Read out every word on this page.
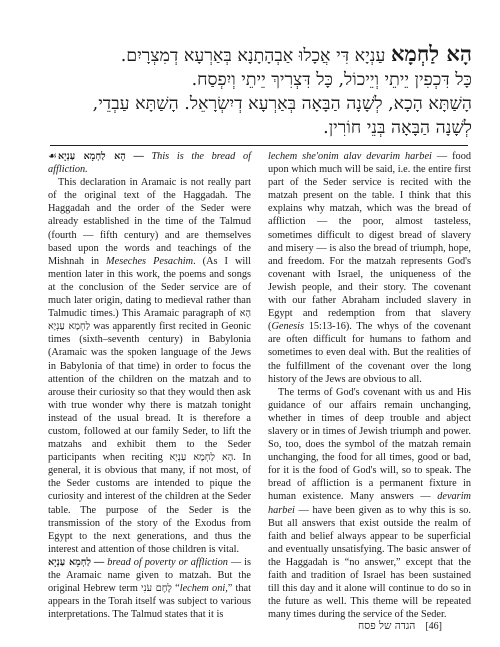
הָא לַחְמָא עַנְיָא דִּי אֲכָלוּ אַבְהָתָנָא בְּאַרְעָא דְמִצְרָיִם.
כָּל דִּכְפִין יֵיתֵי וְיֵיכוֹל, כָּל דִּצְרִיךְ יֵיתֵי וְיִפְסַח.
הָשַׁתָּא הָכָא, לְשָׁנָה הַבָּאָה בְּאַרְעָא דְיִשְׂרָאֵל. הָשַׁתָּא עַבְדֵי,
לְשָׁנָה הַבָּאָה בְּנֵי חוֹרִין.

☙הָא לַחְמָא עַנְיָא — This is the bread of affliction.

This declaration in Aramaic is not really part of the original text of the Haggadah. The Haggadah and the order of the Seder were already established in the time of the Talmud (fourth — fifth century) and are themselves based upon the words and teachings of the Mishnah in Meseches Pesachim. (As I will mention later in this work, the poems and songs at the conclusion of the Seder service are of much later origin, dating to medieval rather than Talmudic times.) This Aramaic paragraph of הָא לַחְמָא עַנְיָא was apparently first recited in Geonic times (sixth–seventh century) in Babylonia (Aramaic was the spoken language of the Jews in Babylonia of that time) in order to focus the attention of the children on the matzah and to arouse their curiosity so that they would then ask with true wonder why there is matzah tonight instead of the usual bread. It is therefore a custom, followed at our family Seder, to lift the matzahs and exhibit them to the Seder participants when reciting הָא לַחְמָא עַנְיָא. In general, it is obvious that many, if not most, of the Seder customs are intended to pique the curiosity and interest of the children at the Seder table. The purpose of the Seder is the transmission of the story of the Exodus from Egypt to the next generations, and thus the interest and attention of those children is vital.

לַחְמָא עַנְיָא — bread of poverty or affliction — is the Aramaic name given to matzah. But the original Hebrew term לֶחֶם עֹנִי “lechem oni,” that appears in the Torah itself was subject to various interpretations. The Talmud states that it is

lechem she'onim alav devarim harbei — food upon which much will be said, i.e. the entire first part of the Seder service is recited with the matzah present on the table. I think that this explains why matzah, which was the bread of affliction — the poor, almost tasteless, sometimes difficult to digest bread of slavery and misery — is also the bread of triumph, hope, and freedom. For the matzah represents God's covenant with Israel, the uniqueness of the Jewish people, and their story. The covenant with our father Abraham included slavery in Egypt and redemption from that slavery (Genesis 15:13-16). The whys of the covenant are often difficult for humans to fathom and sometimes to even deal with. But the realities of the fulfillment of the covenant over the long history of the Jews are obvious to all.

The terms of God's covenant with us and His guidance of our affairs remain unchanging, whether in times of deep trouble and abject slavery or in times of Jewish triumph and power. So, too, does the symbol of the matzah remain unchanging, the food for all times, good or bad, for it is the food of God's will, so to speak. The bread of affliction is a permanent fixture in human existence. Many answers — devarim harbei — have been given as to why this is so. But all answers that exist outside the realm of faith and belief always appear to be superficial and eventually unsatisfying. The basic answer of the Haggadah is “no answer,” except that the faith and tradition of Israel has been sustained till this day and it alone will continue to do so in the future as well. This theme will be repeated many times during the service of the Seder.

הגדה של פסח [46]
